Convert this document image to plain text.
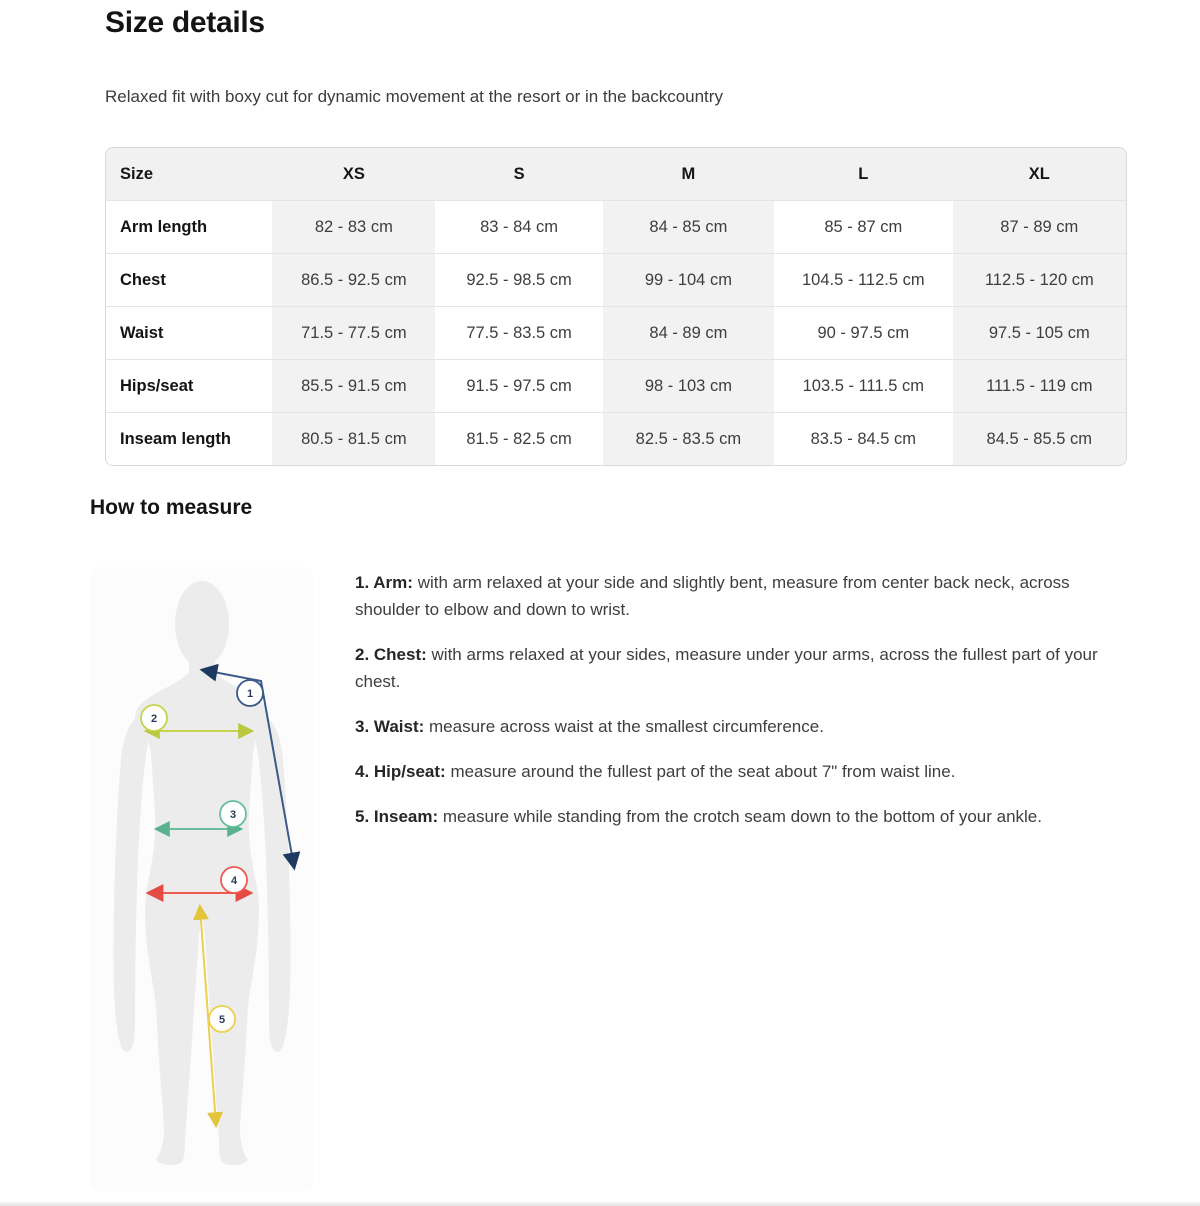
Size details

Relaxed fit with boxy cut for dynamic movement at the resort or in the backcountry

Size	XS	S	M	L	XL
Arm length	82 - 83 cm	83 - 84 cm	84 - 85 cm	85 - 87 cm	87 - 89 cm
Chest	86.5 - 92.5 cm	92.5 - 98.5 cm	99 - 104 cm	104.5 - 112.5 cm	112.5 - 120 cm
Waist	71.5 - 77.5 cm	77.5 - 83.5 cm	84 - 89 cm	90 - 97.5 cm	97.5 - 105 cm
Hips/seat	85.5 - 91.5 cm	91.5 - 97.5 cm	98 - 103 cm	103.5 - 111.5 cm	111.5 - 119 cm
Inseam length	80.5 - 81.5 cm	81.5 - 82.5 cm	82.5 - 83.5 cm	83.5 - 84.5 cm	84.5 - 85.5 cm
How to measure
1
2
3
4
5

1. Arm: with arm relaxed at your side and slightly bent, measure from center back neck, across shoulder to elbow and down to wrist.

2. Chest: with arms relaxed at your sides, measure under your arms, across the fullest part of your chest.

3. Waist: measure across waist at the smallest circumference.

4. Hip/seat: measure around the fullest part of the seat about 7" from waist line.

5. Inseam: measure while standing from the crotch seam down to the bottom of your ankle.
